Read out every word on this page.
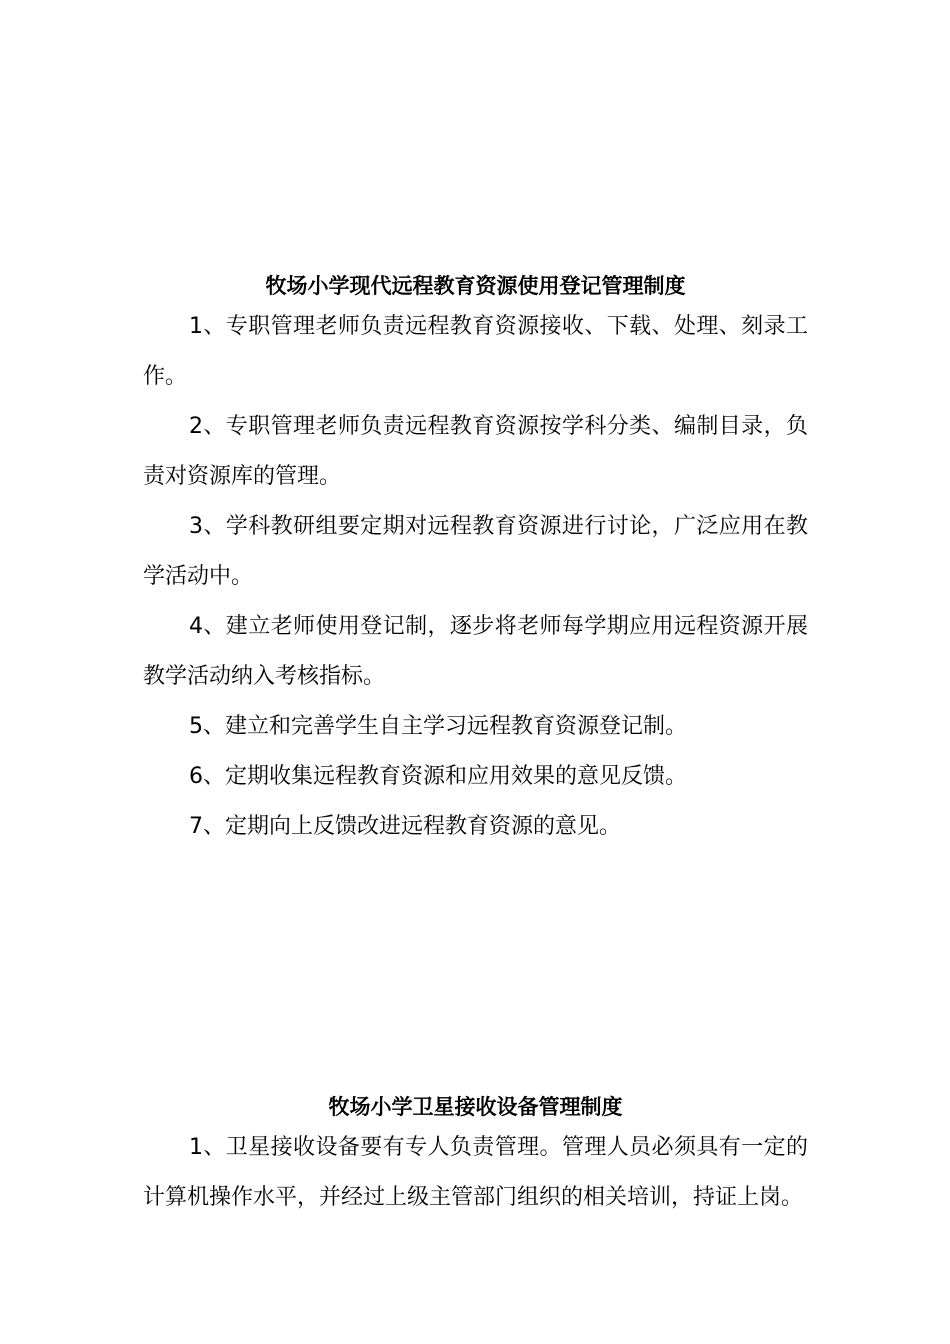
牧场小学现代远程教育资源使用登记管理制度

1、专职管理老师负责远程教育资源接收、下载、处理、刻录工作。

2、专职管理老师负责远程教育资源按学科分类、编制目录，负责对资源库的管理。

3、学科教研组要定期对远程教育资源进行讨论，广泛应用在教学活动中。

4、建立老师使用登记制，逐步将老师每学期应用远程资源开展教学活动纳入考核指标。

5、建立和完善学生自主学习远程教育资源登记制。

6、定期收集远程教育资源和应用效果的意见反馈。

7、定期向上反馈改进远程教育资源的意见。

牧场小学卫星接收设备管理制度

1、卫星接收设备要有专人负责管理。管理人员必须具有一定的计算机操作水平，并经过上级主管部门组织的相关培训，持证上岗。
